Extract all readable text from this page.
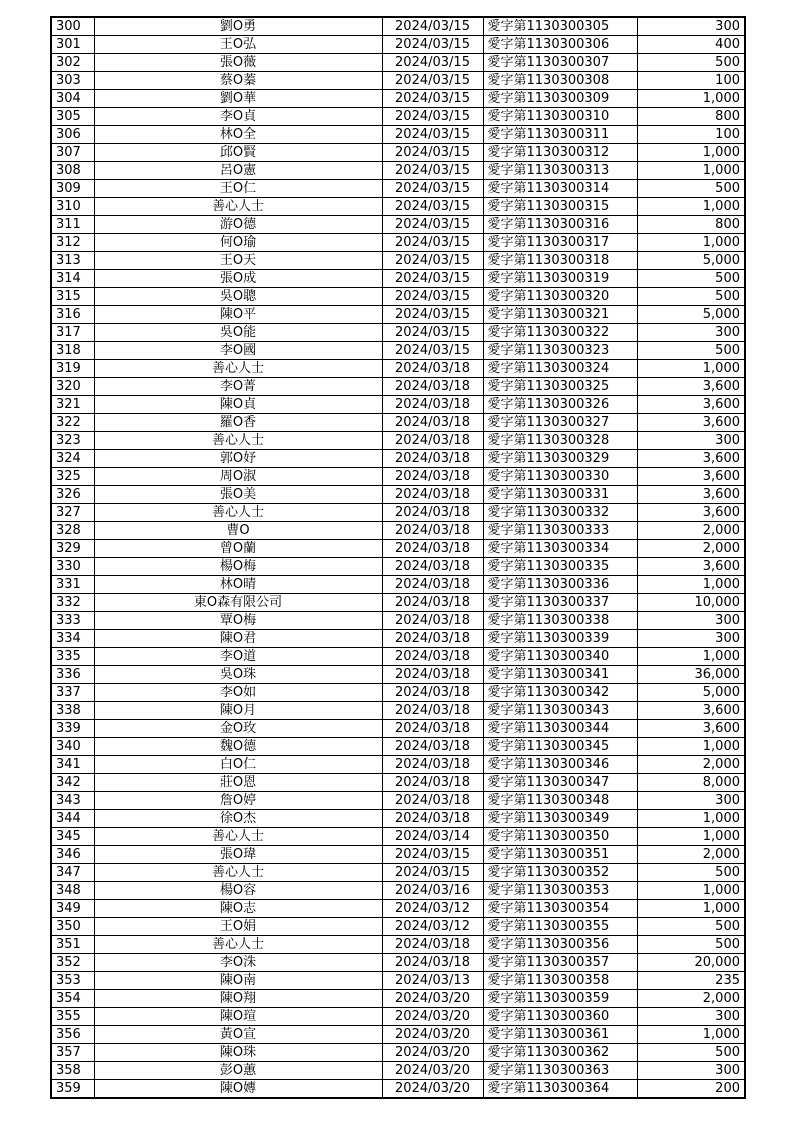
300	劉O勇	2024/03/15	愛字第1130300305	300
301	王O弘	2024/03/15	愛字第1130300306	400
302	張O薇	2024/03/15	愛字第1130300307	500
303	蔡O蓁	2024/03/15	愛字第1130300308	100
304	劉O華	2024/03/15	愛字第1130300309	1,000
305	李O貞	2024/03/15	愛字第1130300310	800
306	林O全	2024/03/15	愛字第1130300311	100
307	邱O賢	2024/03/15	愛字第1130300312	1,000
308	呂O憲	2024/03/15	愛字第1130300313	1,000
309	王O仁	2024/03/15	愛字第1130300314	500
310	善心人士	2024/03/15	愛字第1130300315	1,000
311	游O德	2024/03/15	愛字第1130300316	800
312	何O瑜	2024/03/15	愛字第1130300317	1,000
313	王O天	2024/03/15	愛字第1130300318	5,000
314	張O成	2024/03/15	愛字第1130300319	500
315	吳O聰	2024/03/15	愛字第1130300320	500
316	陳O平	2024/03/15	愛字第1130300321	5,000
317	吳O能	2024/03/15	愛字第1130300322	300
318	李O國	2024/03/15	愛字第1130300323	500
319	善心人士	2024/03/18	愛字第1130300324	1,000
320	李O菁	2024/03/18	愛字第1130300325	3,600
321	陳O貞	2024/03/18	愛字第1130300326	3,600
322	羅O香	2024/03/18	愛字第1130300327	3,600
323	善心人士	2024/03/18	愛字第1130300328	300
324	郭O妤	2024/03/18	愛字第1130300329	3,600
325	周O淑	2024/03/18	愛字第1130300330	3,600
326	張O美	2024/03/18	愛字第1130300331	3,600
327	善心人士	2024/03/18	愛字第1130300332	3,600
328	曹O	2024/03/18	愛字第1130300333	2,000
329	曾O蘭	2024/03/18	愛字第1130300334	2,000
330	楊O梅	2024/03/18	愛字第1130300335	3,600
331	林O晴	2024/03/18	愛字第1130300336	1,000
332	東O森有限公司	2024/03/18	愛字第1130300337	10,000
333	覃O梅	2024/03/18	愛字第1130300338	300
334	陳O君	2024/03/18	愛字第1130300339	300
335	李O道	2024/03/18	愛字第1130300340	1,000
336	吳O珠	2024/03/18	愛字第1130300341	36,000
337	李O如	2024/03/18	愛字第1130300342	5,000
338	陳O月	2024/03/18	愛字第1130300343	3,600
339	金O玫	2024/03/18	愛字第1130300344	3,600
340	魏O德	2024/03/18	愛字第1130300345	1,000
341	白O仁	2024/03/18	愛字第1130300346	2,000
342	莊O恩	2024/03/18	愛字第1130300347	8,000
343	詹O婷	2024/03/18	愛字第1130300348	300
344	徐O杰	2024/03/18	愛字第1130300349	1,000
345	善心人士	2024/03/14	愛字第1130300350	1,000
346	張O瑋	2024/03/15	愛字第1130300351	2,000
347	善心人士	2024/03/15	愛字第1130300352	500
348	楊O容	2024/03/16	愛字第1130300353	1,000
349	陳O志	2024/03/12	愛字第1130300354	1,000
350	王O娟	2024/03/12	愛字第1130300355	500
351	善心人士	2024/03/18	愛字第1130300356	500
352	李O洙	2024/03/18	愛字第1130300357	20,000
353	陳O南	2024/03/13	愛字第1130300358	235
354	陳O翔	2024/03/20	愛字第1130300359	2,000
355	陳O瑄	2024/03/20	愛字第1130300360	300
356	黃O宣	2024/03/20	愛字第1130300361	1,000
357	陳O珠	2024/03/20	愛字第1130300362	500
358	彭O蕙	2024/03/20	愛字第1130300363	300
359	陳O嫥	2024/03/20	愛字第1130300364	200
